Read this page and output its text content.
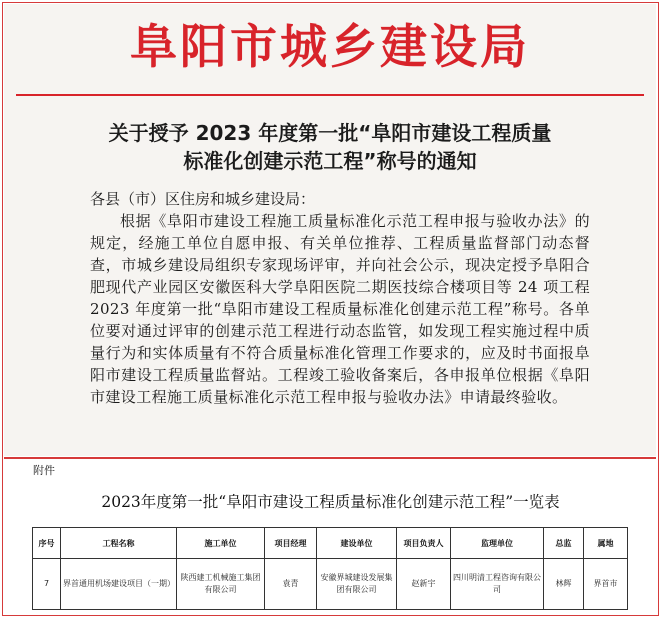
阜阳市城乡建设局
关于授予 2023 年度第一批“阜阳市建设工程质量
标准化创建示范工程”称号的通知
各县（市）区住房和城乡建设局：
根据《阜阳市建设工程施工质量标准化示范工程申报与验收办法》的规定，经施工单位自愿申报、有关单位推荐、工程质量监督部门动态督查，市城乡建设局组织专家现场评审，并向社会公示，现决定授予阜阳合肥现代产业园区安徽医科大学阜阳医院二期医技综合楼项目等 24 项工程 2023 年度第一批“阜阳市建设工程质量标准化创建示范工程”称号。各单位要对通过评审的创建示范工程进行动态监管，如发现工程实施过程中质量行为和实体质量有不符合质量标准化管理工作要求的，应及时书面报阜阳市建设工程质量监督站。工程竣工验收备案后，各申报单位根据《阜阳市建设工程施工质量标准化示范工程申报与验收办法》申请最终验收。
附件
2023年度第一批“阜阳市建设工程质量标准化创建示范工程”一览表
序号	工程名称	施工单位	项目经理	建设单位	项目负责人	监理单位	总监	属地
7	界首通用机场建设项目（一期）	陕西建工机械施工集团有限公司	袁青	安徽界城建设发展集团有限公司	赵新宇	四川明清工程咨询有限公司	林辉	界首市
